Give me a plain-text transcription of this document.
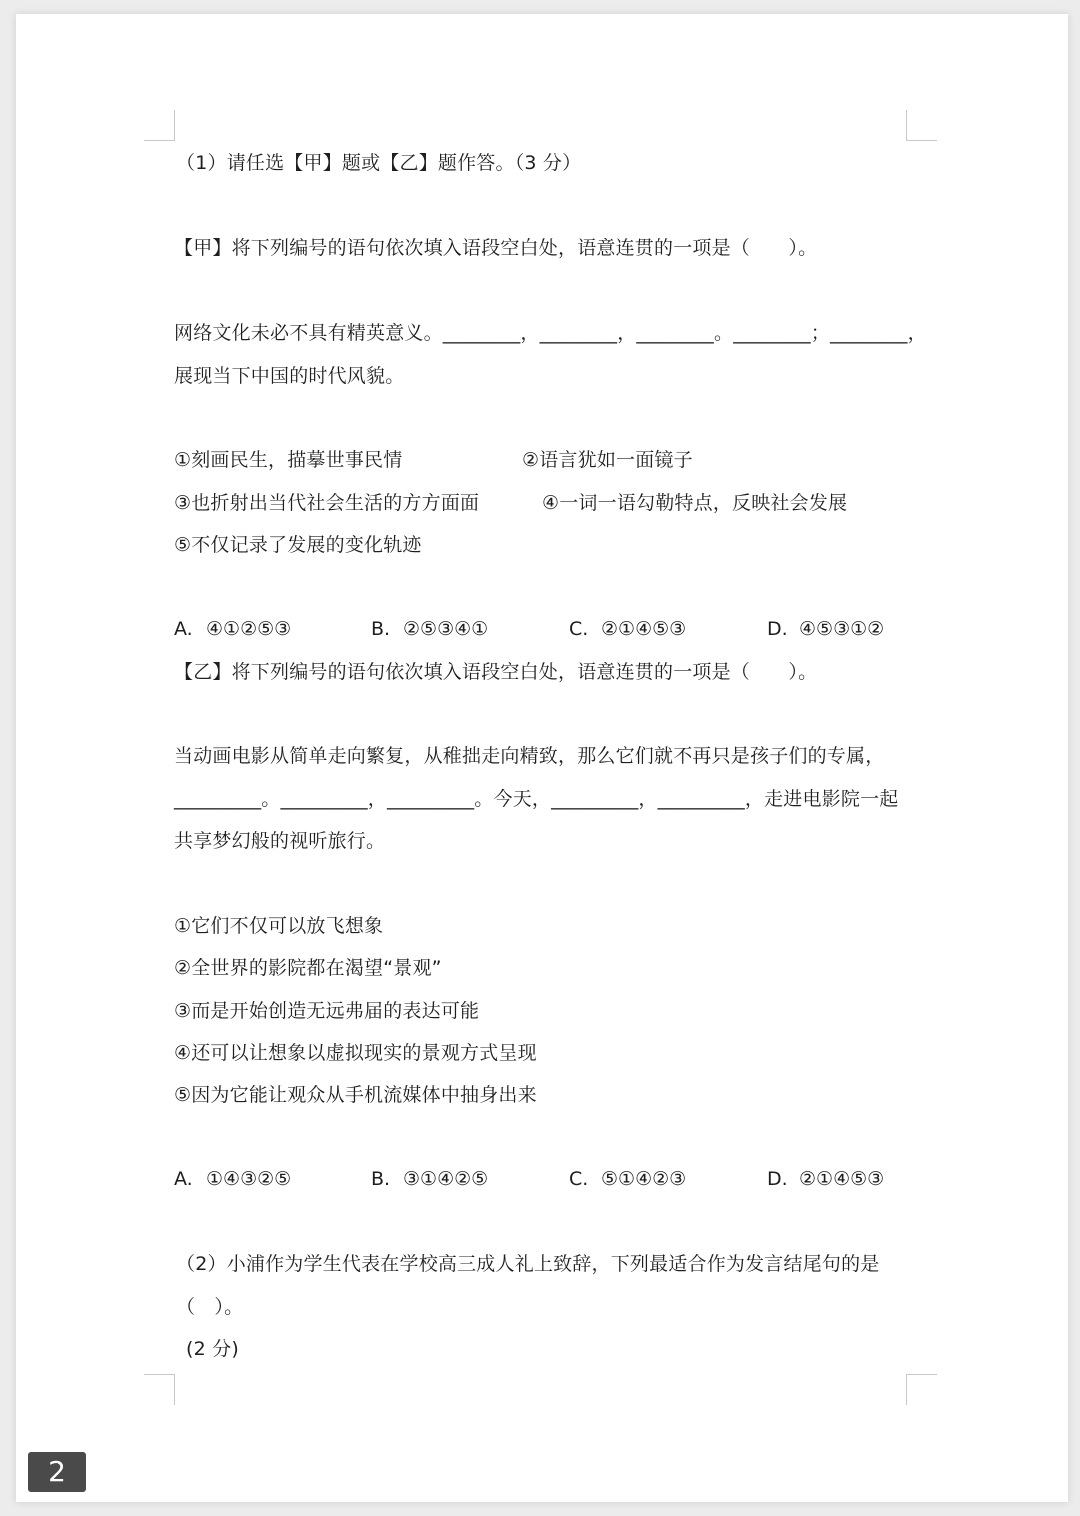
（1）请任选【甲】题或【乙】题作答。（3 分）
【甲】将下列编号的语句依次填入语段空白处，语意连贯的一项是（　　）。
网络文化未必不具有精英意义。________，________，________。________；________，
展现当下中国的时代风貌。
①刻画民生，描摹世事民情	②语言犹如一面镜子
③也折射出当代社会生活的方方面面	④一词一语勾勒特点，反映社会发展
⑤不仅记录了发展的变化轨迹
A. ④①②⑤③	B. ②⑤③④①	C. ②①④⑤③	D. ④⑤③①②
【乙】将下列编号的语句依次填入语段空白处，语意连贯的一项是（　　）。
当动画电影从简单走向繁复，从稚拙走向精致，那么它们就不再只是孩子们的专属，
_________。_________，_________。今天，_________，_________，走进电影院一起
共享梦幻般的视听旅行。
①它们不仅可以放飞想象
②全世界的影院都在渴望“景观”
③而是开始创造无远弗届的表达可能
④还可以让想象以虚拟现实的景观方式呈现
⑤因为它能让观众从手机流媒体中抽身出来
A. ①④③②⑤	B. ③①④②⑤	C. ⑤①④②③	D. ②①④⑤③
（2）小浦作为学生代表在学校高三成人礼上致辞，下列最适合作为发言结尾句的是
（　）。
(2 分)
2
